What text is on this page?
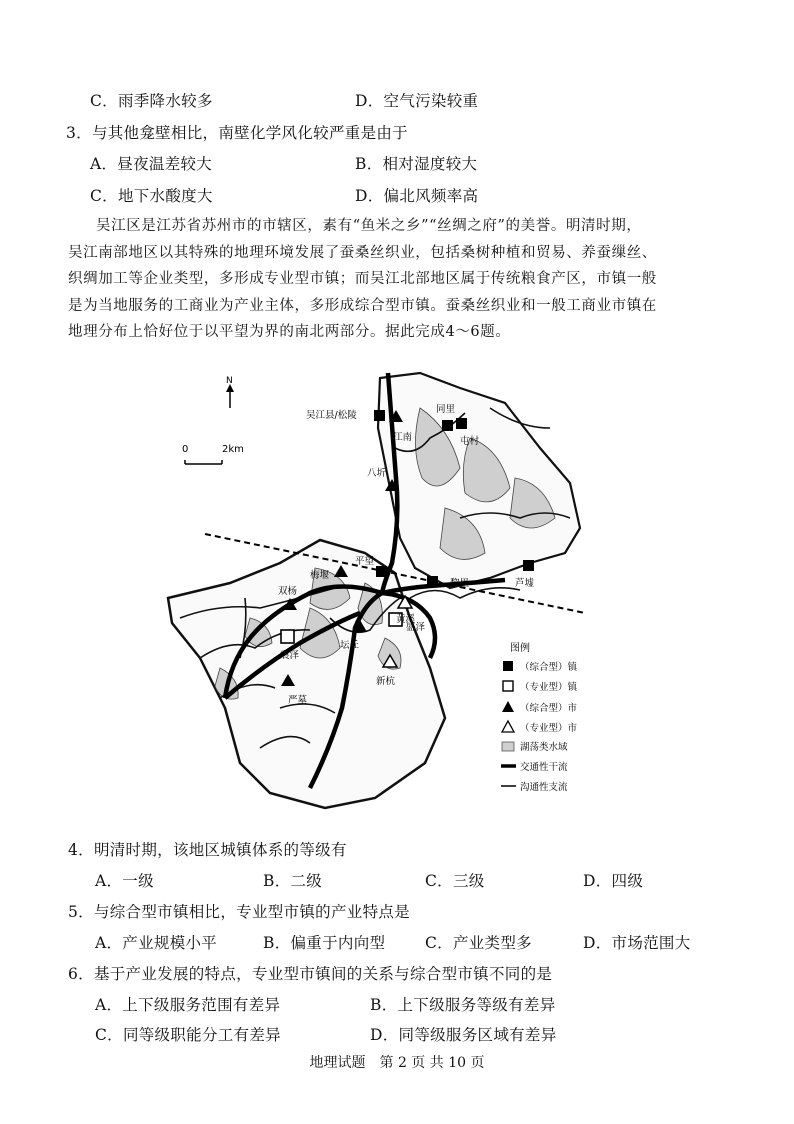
C．雨季降水较多	D．空气污染较重
3．与其他龛壁相比，南壁化学风化较严重是由于
A．昼夜温差较大	B．相对湿度较大
C．地下水酸度大	D．偏北风频率高
吴江区是江苏省苏州市的市辖区，素有“鱼米之乡”“丝绸之府”的美誉。明清时期，
吴江南部地区以其特殊的地理环境发展了蚕桑丝织业，包括桑树种植和贸易、养蚕缫丝、
织绸加工等企业类型，多形成专业型市镇；而吴江北部地区属于传统粮食产区，市镇一般
是为当地服务的工商业为产业主体，多形成综合型市镇。蚕桑丝织业和一般工商业市镇在
地理分布上恰好位于以平望为界的南北两部分。据此完成4～6题。
N
0	2km
吴江县/松陵
同里
江南	屯村
八圻
平望
梅堰
黎里	芦墟
双杨
黄溪
震泽
坛丘
盛泽
新杭
严墓
图例
（综合型）镇
（专业型）镇
（综合型）市
（专业型）市
湖荡类水域
交通性干流
沟通性支流
4．明清时期，该地区城镇体系的等级有
A．一级	B．二级	C．三级	D．四级
5．与综合型市镇相比，专业型市镇的产业特点是
A．产业规模小平	B．偏重于内向型	C．产业类型多	D．市场范围大
6．基于产业发展的特点，专业型市镇间的关系与综合型市镇不同的是
A．上下级服务范围有差异	B．上下级服务等级有差异
C．同等级职能分工有差异	D．同等级服务区域有差异
地理试题　第 2 页 共 10 页
